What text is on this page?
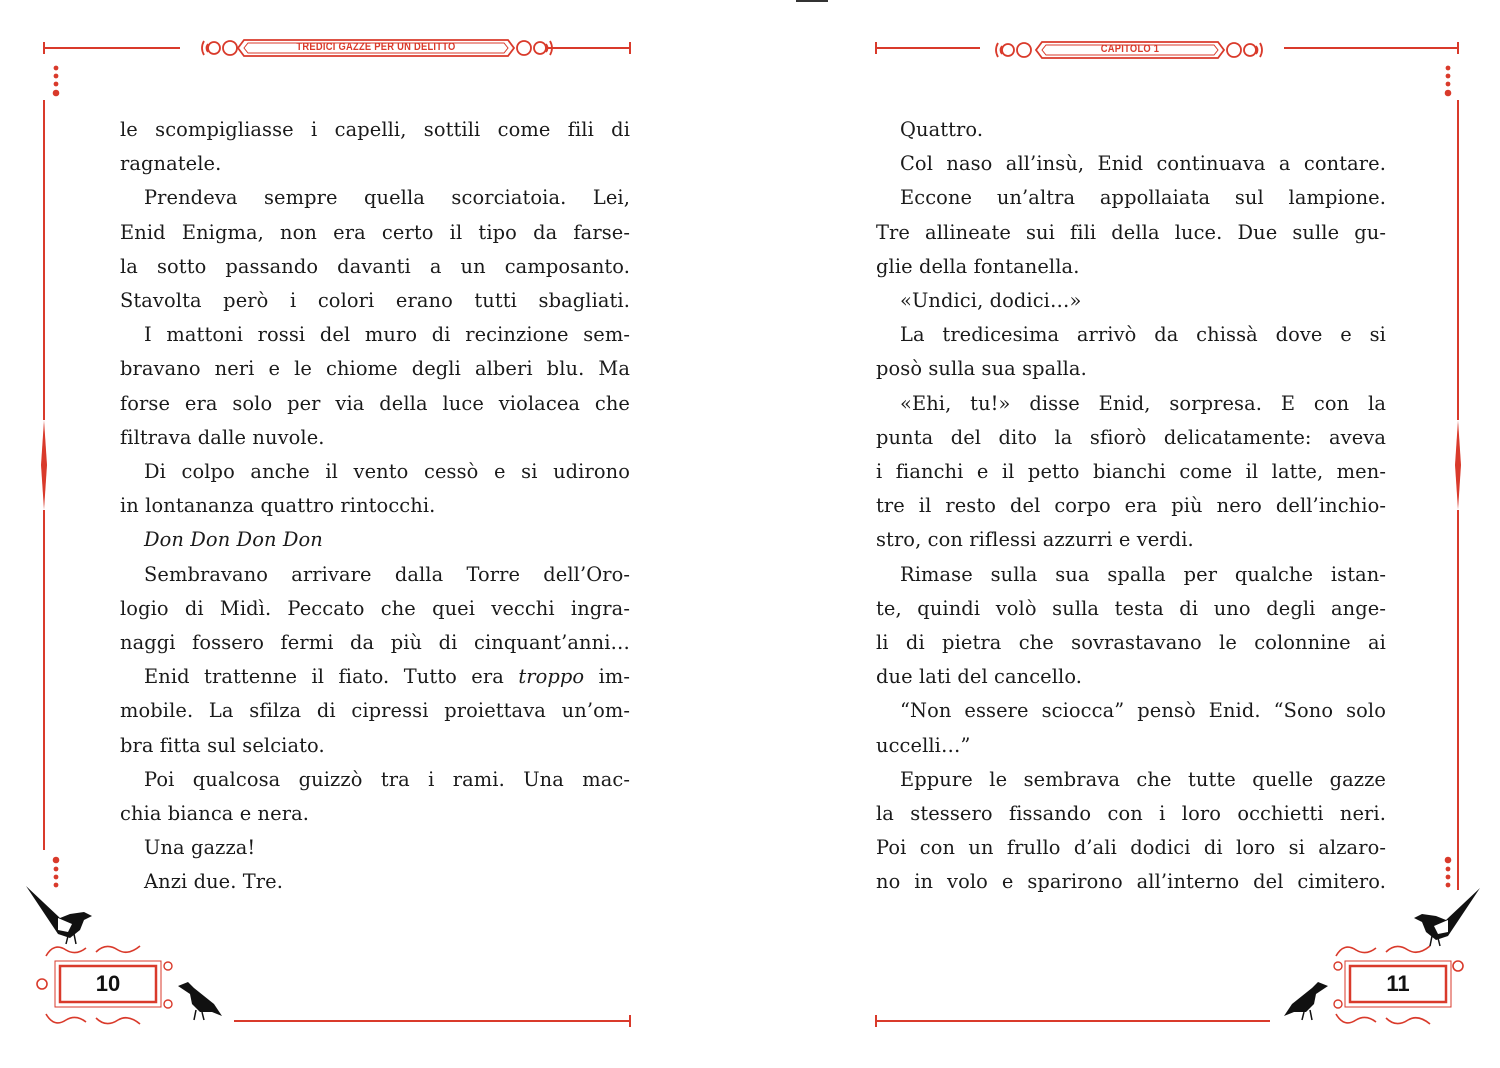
TREDICI GAZZE PER UN DELITTO

le scompigliasse i capelli, sottili come fili di

ragnatele.

Prendeva sempre quella scorciatoia. Lei,

Enid Enigma, non era certo il tipo da farse-

la sotto passando davanti a un camposanto.

Stavolta però i colori erano tutti sbagliati.

I mattoni rossi del muro di recinzione sem-

bravano neri e le chiome degli alberi blu. Ma

forse era solo per via della luce violacea che

filtrava dalle nuvole.

Di colpo anche il vento cessò e si udirono

in lontananza quattro rintocchi.

Don Don Don Don

Sembravano arrivare dalla Torre dell’Oro-

logio di Midì. Peccato che quei vecchi ingra-

naggi fossero fermi da più di cinquant’anni…

Enid trattenne il fiato. Tutto era troppo im-

mobile. La sfilza di cipressi proiettava un’om-

bra fitta sul selciato.

Poi qualcosa guizzò tra i rami. Una mac-

chia bianca e nera.

Una gazza!

Anzi due. Tre.

10
CAPITOLO 1

Quattro.

Col naso all’insù, Enid continuava a contare.

Eccone un’altra appollaiata sul lampione.

Tre allineate sui fili della luce. Due sulle gu-

glie della fontanella.

«Undici, dodici…»

La tredicesima arrivò da chissà dove e si

posò sulla sua spalla.

«Ehi, tu!» disse Enid, sorpresa. E con la

punta del dito la sfiorò delicatamente: aveva

i fianchi e il petto bianchi come il latte, men-

tre il resto del corpo era più nero dell’inchio-

stro, con riflessi azzurri e verdi.

Rimase sulla sua spalla per qualche istan-

te, quindi volò sulla testa di uno degli ange-

li di pietra che sovrastavano le colonnine ai

due lati del cancello.

“Non essere sciocca” pensò Enid. “Sono solo

uccelli…”

Eppure le sembrava che tutte quelle gazze

la stessero fissando con i loro occhietti neri.

Poi con un frullo d’ali dodici di loro si alzaro-

no in volo e sparirono all’interno del cimitero.

11
